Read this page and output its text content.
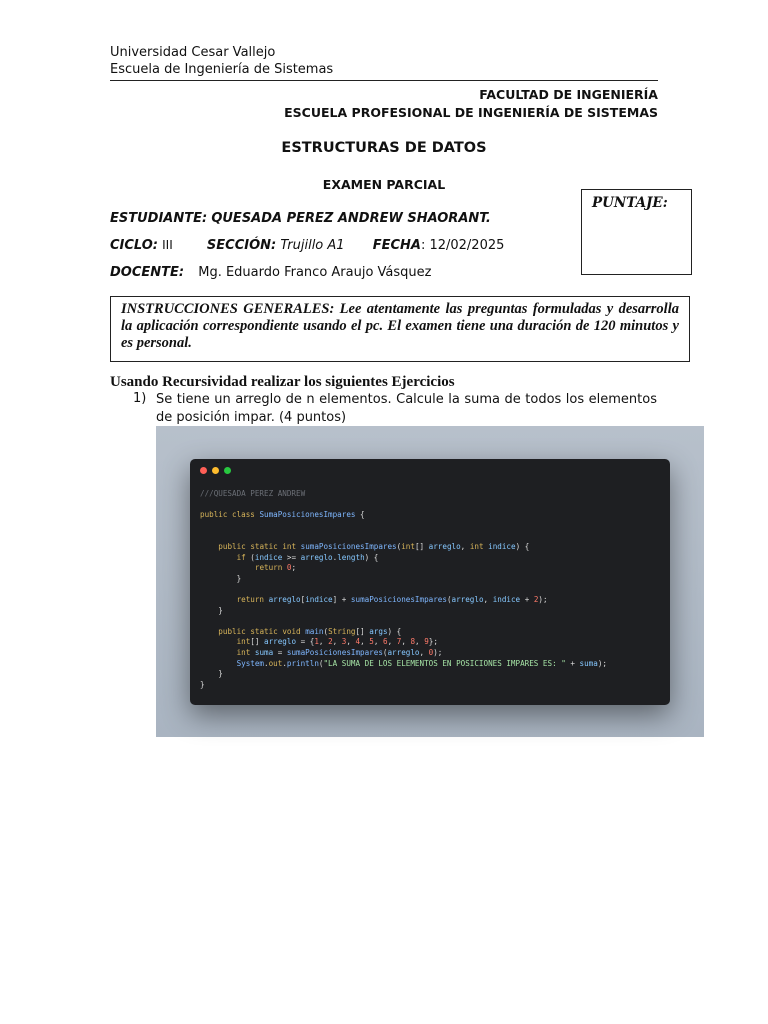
Universidad Cesar Vallejo
Escuela de Ingeniería de Sistemas
FACULTAD DE INGENIERÍA
ESCUELA PROFESIONAL DE INGENIERÍA DE SISTEMAS
ESTRUCTURAS DE DATOS
EXAMEN PARCIAL
PUNTAJE:
ESTUDIANTE: QUESADA PEREZ ANDREW SHAORANT.
CICLO: III	SECCIÓN: Trujillo A1 FECHA: 12/02/2025
DOCENTE: Mg. Eduardo Franco Araujo Vásquez
INSTRUCCIONES GENERALES: Lee atentamente las preguntas formuladas y desarrolla la aplicación correspondiente usando el pc. El examen tiene una duración de 120 minutos y es personal.
Usando Recursividad realizar los siguientes Ejercicios
1) Se tiene un arreglo de n elementos. Calcule la suma de todos los elementos de posición impar. (4 puntos)
///QUESADA PEREZ ANDREW

public class SumaPosicionesImpares {

public static int sumaPosicionesImpares(int[] arreglo, int indice) {
if (indice >= arreglo.length) {
return 0;
}

return arreglo[indice] + sumaPosicionesImpares(arreglo, indice + 2);
}

public static void main(String[] args) {
int[] arreglo = {1, 2, 3, 4, 5, 6, 7, 8, 9};
int suma = sumaPosicionesImpares(arreglo, 0);
System.out.println("LA SUMA DE LOS ELEMENTOS EN POSICIONES IMPARES ES: " + suma);
}
}
